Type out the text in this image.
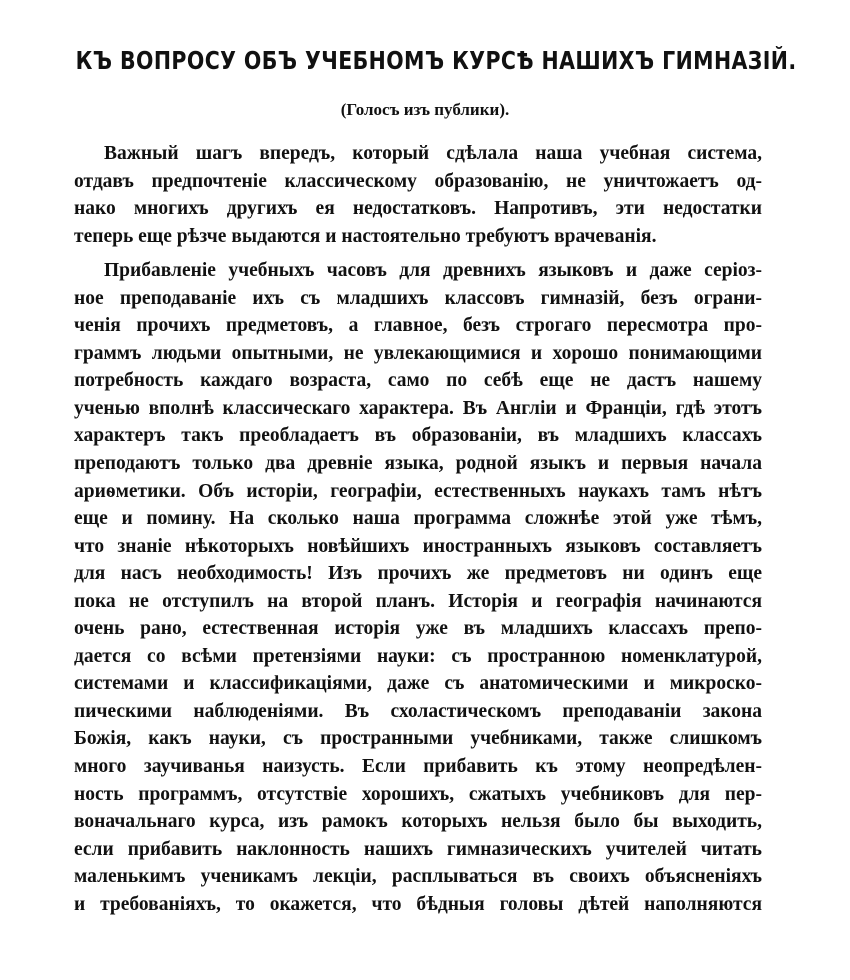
КЪ ВОПРОСУ ОБЪ УЧЕБНОМЪ КУРСѢ НАШИХЪ ГИМНАЗІЙ.
(Голосъ изъ публики).
Важный шагъ впередъ, который сдѣлала наша учебная система,
отдавъ предпочтеніе классическому образованію, не уничтожаетъ од-
нако многихъ другихъ ея недостатковъ. Напротивъ, эти недостатки
теперь еще рѣзче выдаются и настоятельно требуютъ врачеванія.
Прибавленіе учебныхъ часовъ для древнихъ языковъ и даже серіоз-
ное преподаваніе ихъ съ младшихъ классовъ гимназій, безъ ограни-
ченія прочихъ предметовъ, а главное, безъ строгаго пересмотра про-
граммъ людьми опытными, не увлекающимися и хорошо понимающими
потребность каждаго возраста, само по себѣ еще не дастъ нашему
ученью вполнѣ классическаго характера. Въ Англіи и Франціи, гдѣ этотъ
характеръ такъ преобладаетъ въ образованіи, въ младшихъ классахъ
преподаютъ только два древніе языка, родной языкъ и первыя начала
ариѳметики. Объ исторіи, географіи, естественныхъ наукахъ тамъ нѣтъ
еще и помину. На сколько наша программа сложнѣе этой уже тѣмъ,
что знаніе нѣкоторыхъ новѣйшихъ иностранныхъ языковъ составляетъ
для насъ необходимость! Изъ прочихъ же предметовъ ни одинъ еще
пока не отступилъ на второй планъ. Исторія и географія начинаются
очень рано, естественная исторія уже въ младшихъ классахъ препо-
дается со всѣми претензіями науки: съ пространною номенклатурой,
системами и классификаціями, даже съ анатомическими и микроско-
пическими наблюденіями. Въ схоластическомъ преподаваніи закона
Божія, какъ науки, съ пространными учебниками, также слишкомъ
много заучиванья наизусть. Если прибавить къ этому неопредѣлен-
ность программъ, отсутствіе хорошихъ, сжатыхъ учебниковъ для пер-
воначальнаго курса, изъ рамокъ которыхъ нельзя было бы выходить,
если прибавить наклонность нашихъ гимназическихъ учителей читать
маленькимъ ученикамъ лекціи, расплываться въ своихъ объясненіяхъ
и требованіяхъ, то окажется, что бѣдныя головы дѣтей наполняются
